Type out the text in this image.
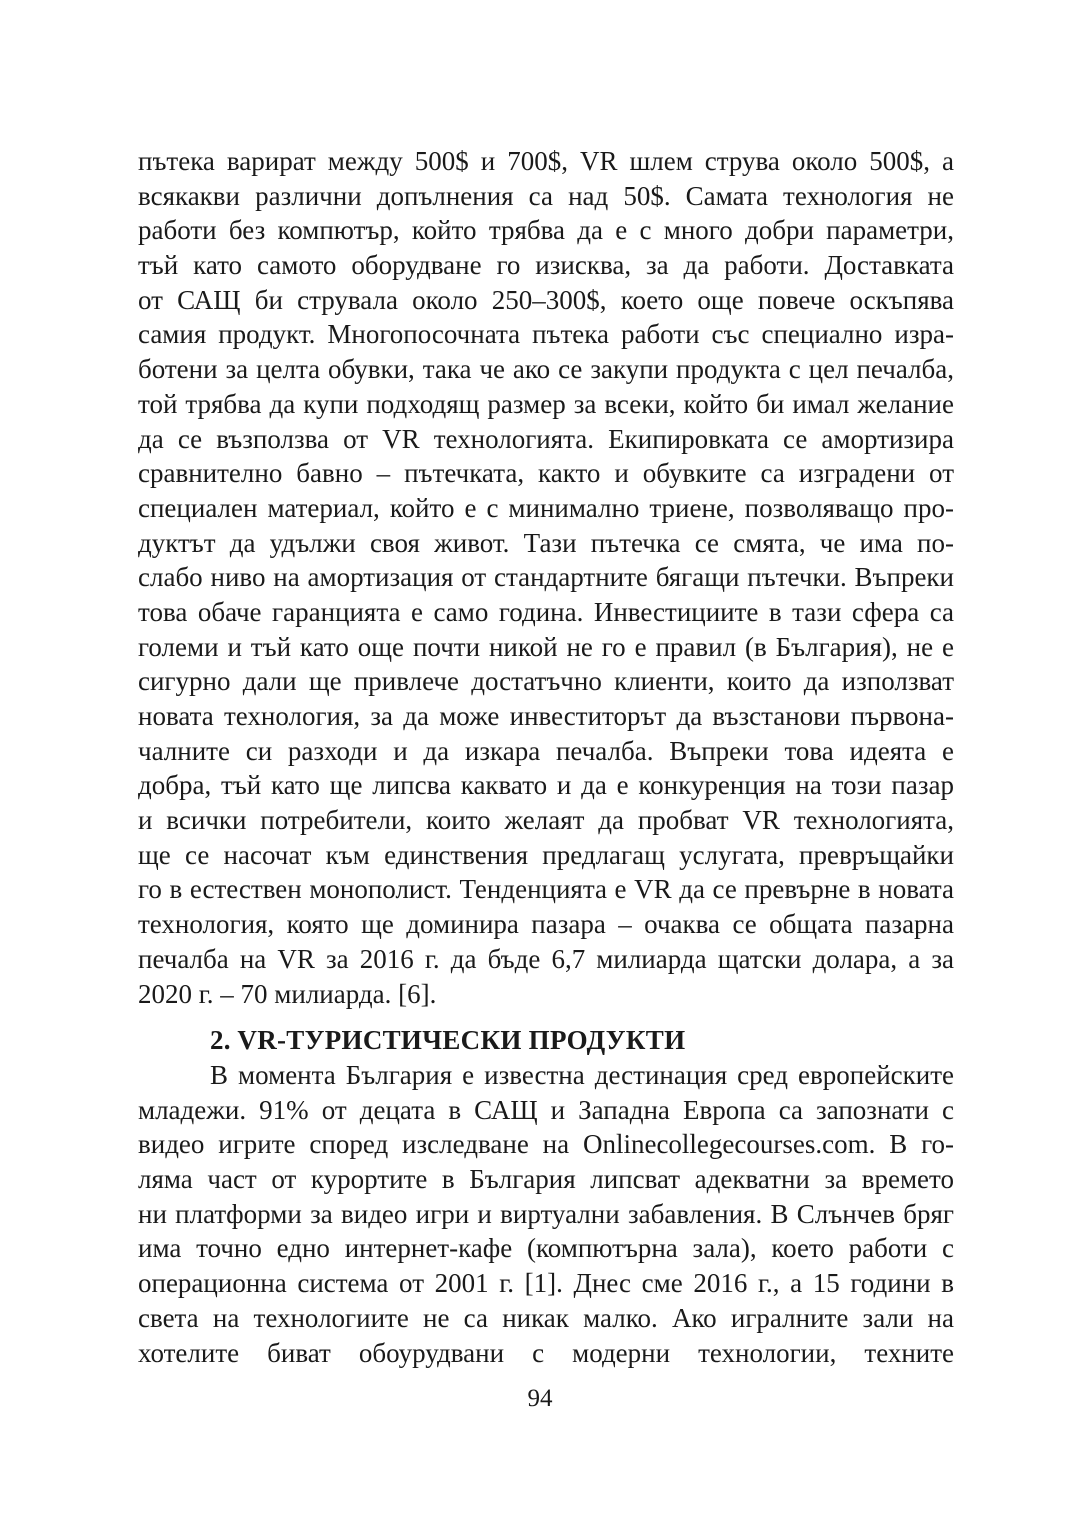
пътека варират между 500$ и 700$, VR шлем струва около 500$, а
всякакви различни допълнения са над 50$. Самата технология не
работи без компютър, който трябва да е с много добри параметри,
тъй като самото оборудване го изисква, за да работи. Доставката
от САЩ би струвала около 250–300$, което още повече оскъпява
самия продукт. Многопосочната пътека работи със специално изра-
ботени за целта обувки, така че ако се закупи продукта с цел печалба,
той трябва да купи подходящ размер за всеки, който би имал желание
да се възползва от VR технологията. Екипировката се амортизира
сравнително бавно – пътечката, както и обувките са изградени от
специален материал, който е с минимално триене, позволяващо про-
дуктът да удължи своя живот. Тази пътечка се смята, че има по-
слабо ниво на амортизация от стандартните бягащи пътечки. Въпреки
това обаче гаранцията е само година. Инвестициите в тази сфера са
големи и тъй като още почти никой не го е правил (в България), не е
сигурно дали ще привлече достатъчно клиенти, които да използват
новата технология, за да може инвеститорът да възстанови първона-
чалните си разходи и да изкара печалба. Въпреки това идеята е
добра, тъй като ще липсва каквато и да е конкуренция на този пазар
и всички потребители, които желаят да пробват VR технологията,
ще се насочат към единствения предлагащ услугата, превръщайки
го в естествен монополист. Тенденцията е VR да се превърне в новата
технология, която ще доминира пазара – очаква се общата пазарна
печалба на VR за 2016 г. да бъде 6,7 милиарда щатски долара, а за
2020 г. – 70 милиарда. [6].
2. VR-ТУРИСТИЧЕСКИ ПРОДУКТИ
В момента България е известна дестинация сред европейските
младежи. 91% от децата в САЩ и Западна Европа са запознати с
видео игрите според изследване на Onlinecollegecourses.com. В го-
ляма част от курортите в България липсват адекватни за времето
ни платформи за видео игри и виртуални забавления. В Слънчев бряг
има точно едно интернет-кафе (компютърна зала), което работи с
операционна система от 2001 г. [1]. Днес сме 2016 г., а 15 години в
света на технологиите не са никак малко. Ако игралните зали на
хотелите биват обоурудвани с модерни технологии, техните
94
